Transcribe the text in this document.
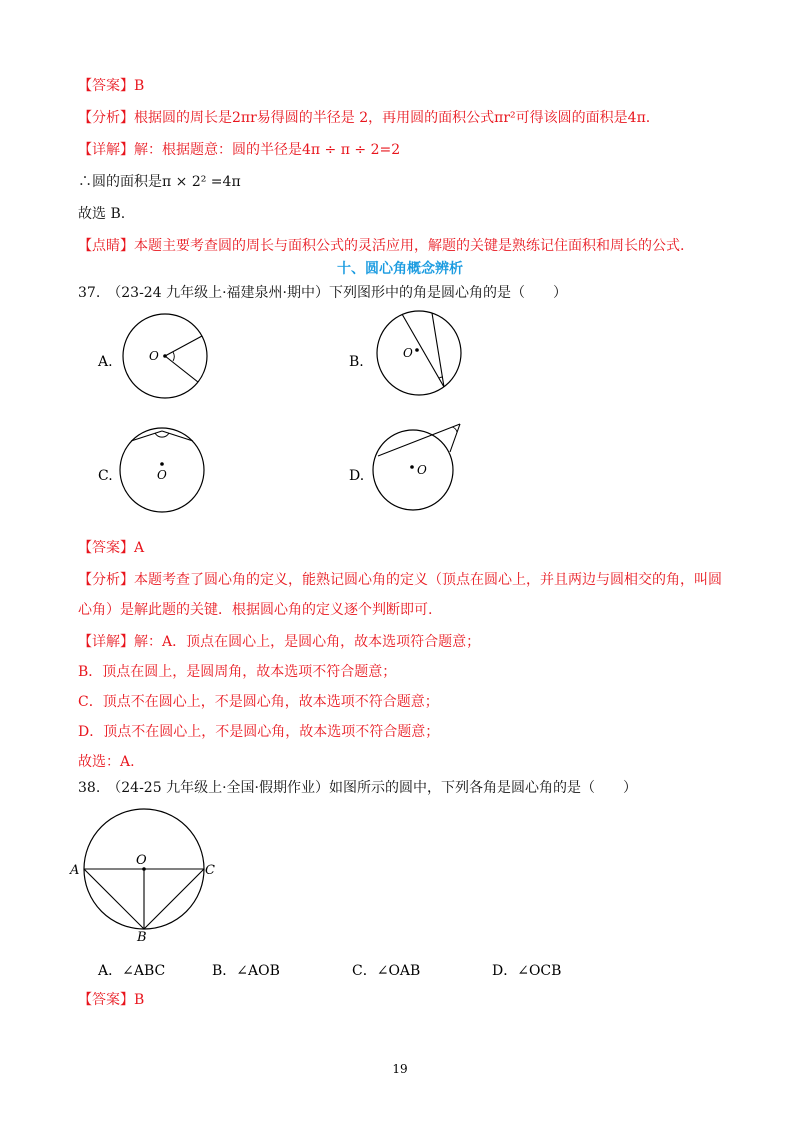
【答案】B
【分析】根据圆的周长是2πr易得圆的半径是 2，再用圆的面积公式πr²可得该圆的面积是4π.
【详解】解：根据题意：圆的半径是4π ÷ π ÷ 2=2
∴圆的面积是π × 2² =4π
故选 B.
【点睛】本题主要考查圆的周长与面积公式的灵活应用，解题的关键是熟练记住面积和周长的公式.
十、圆心角概念辨析
37.　（23-24 九年级上·福建泉州·期中）下列图形中的角是圆心角的是（　　）
A.	O	B.
O
C.	O	D.	O
【答案】A
【分析】本题考查了圆心角的定义，能熟记圆心角的定义（顶点在圆心上，并且两边与圆相交的角，叫圆
心角）是解此题的关键．根据圆心角的定义逐个判断即可.
【详解】解：A．顶点在圆心上，是圆心角，故本选项符合题意；
B．顶点在圆上，是圆周角，故本选项不符合题意；
C．顶点不在圆心上，不是圆心角，故本选项不符合题意；
D．顶点不在圆心上，不是圆心角，故本选项不符合题意；
故选：A.
38.　（24-25 九年级上·全国·假期作业）如图所示的圆中，下列各角是圆心角的是（　　）
O
A	C
B
A．∠ABC	B．∠AOB	C．∠OAB	D．∠OCB
【答案】B
19
